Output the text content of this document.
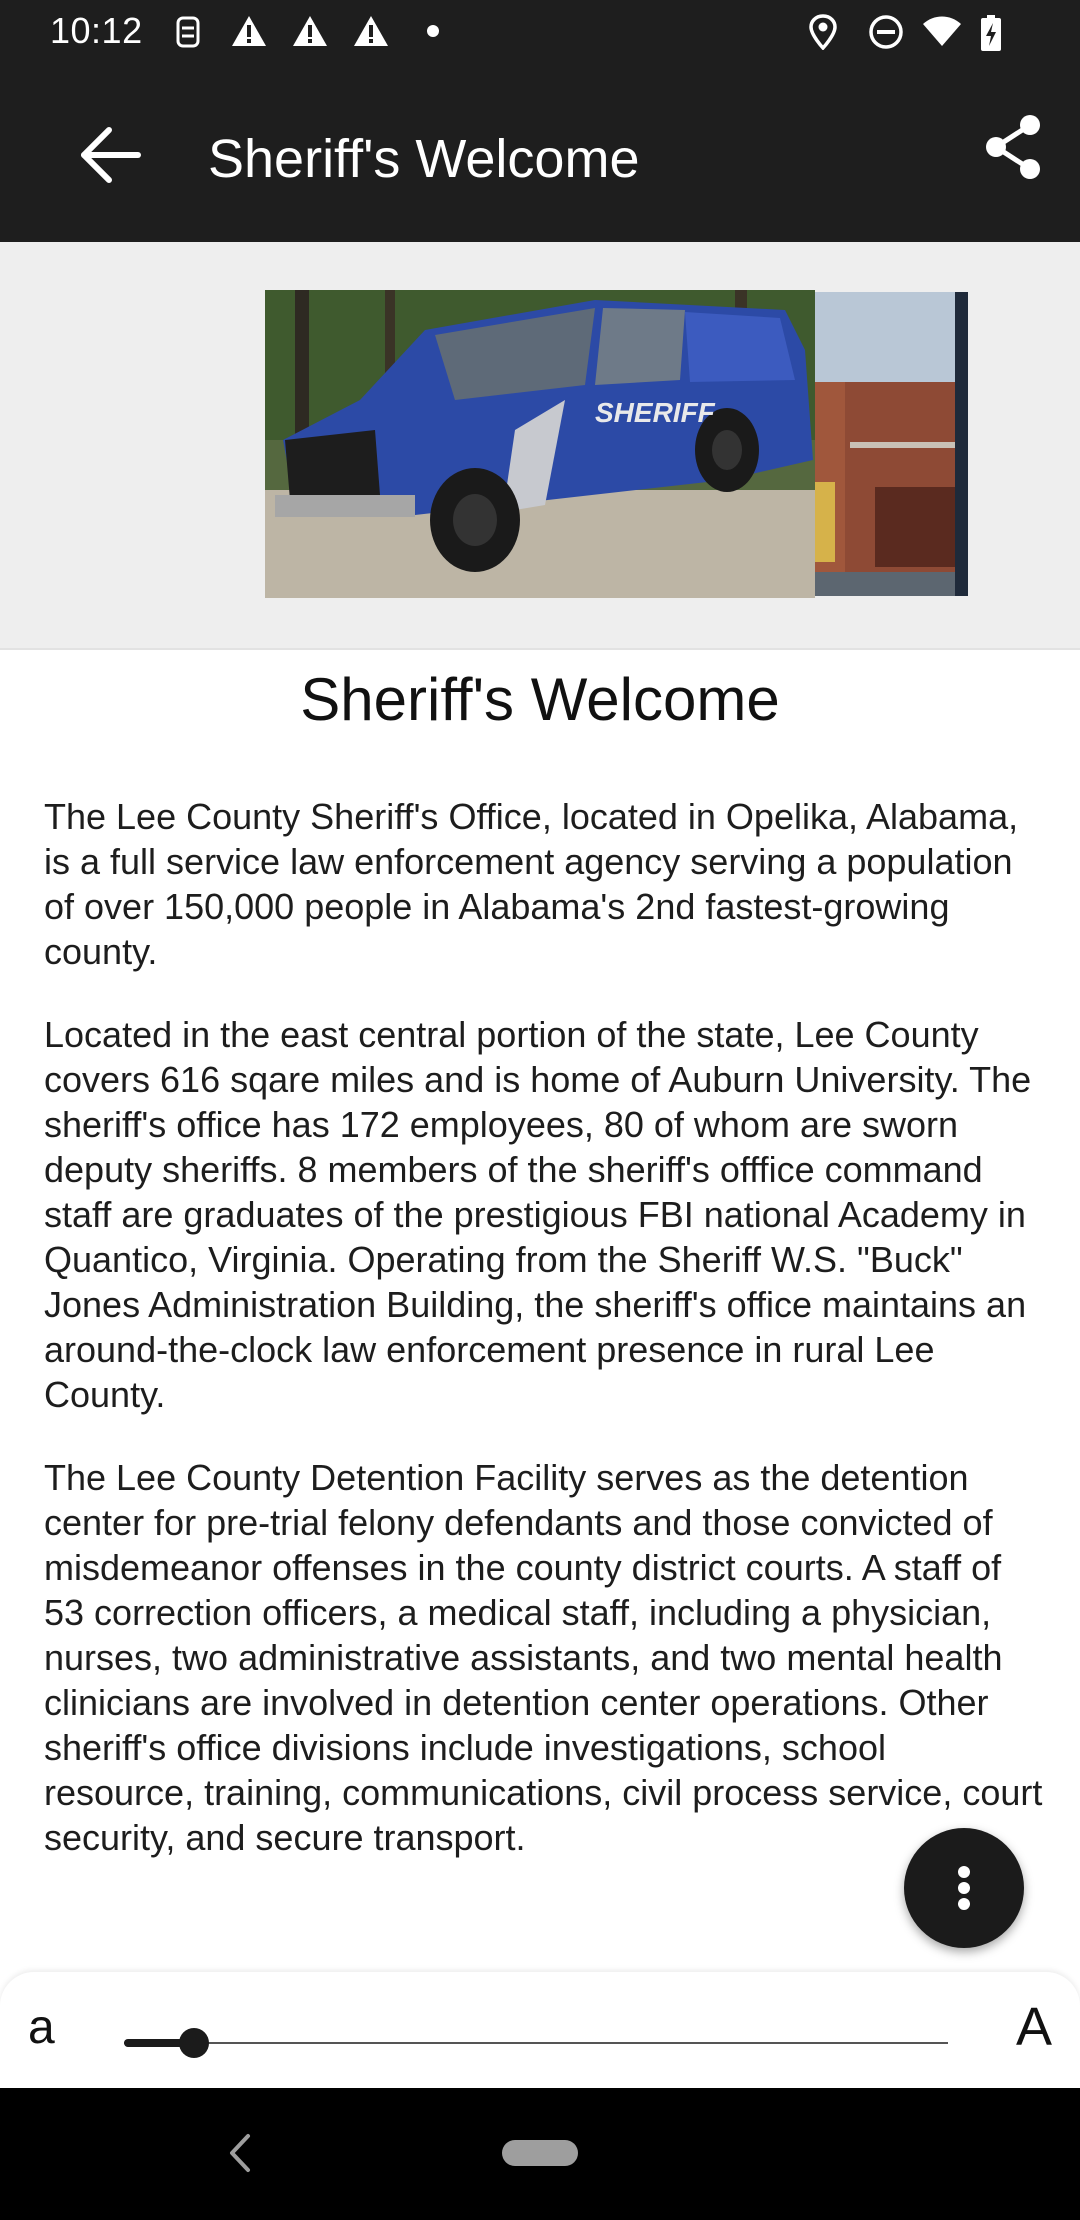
10:12
Sheriff's Welcome
SHERIFF
Sheriff's Welcome

The Lee County Sheriff's Office, located in Opelika, Alabama, is a full service law enforcement agency serving a population of over 150,000 people in Alabama's 2nd fastest-growing county.

Located in the east central portion of the state, Lee County covers 616 sqare miles and is home of Auburn University. The sheriff's office has 172 employees, 80 of whom are sworn deputy sheriffs. 8 members of the sheriff's offfice command staff are graduates of the prestigious FBI national Academy in Quantico, Virginia. Operating from the Sheriff W.S. "Buck" Jones Administration Building, the sheriff's office maintains an around-the-clock law enforcement presence in rural Lee County.

The Lee County Detention Facility serves as the detention center for pre-trial felony defendants and those convicted of misdemeanor offenses in the county district courts. A staff of 53 correction officers, a medical staff, including a physician, nurses, two administrative assistants, and two mental health clinicians are involved in detention center operations. Other sheriff's office divisions include investigations, school resource, training, communications, civil process service, court security, and secure transport.

a	A
